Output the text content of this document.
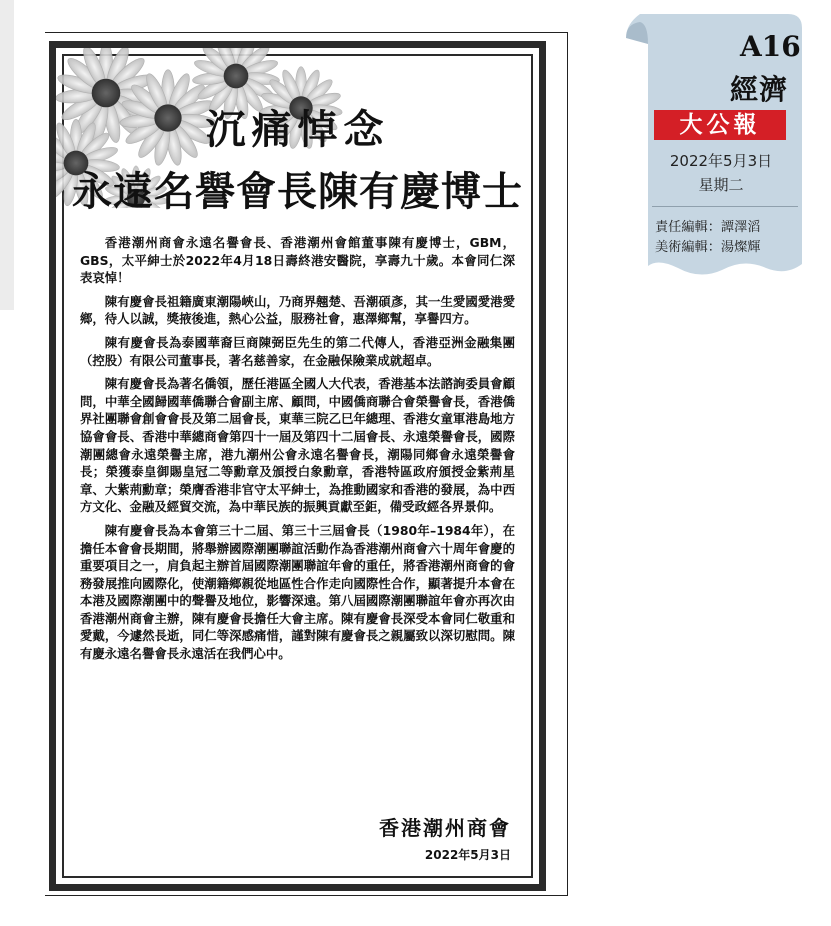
沉痛悼念
永遠名譽會長陳有慶博士

香港潮州商會永遠名譽會長、香港潮州會館董事陳有慶博士，GBM，GBS，太平紳士於2022年4月18日壽終港安醫院，享壽九十歲。本會同仁深表哀悼！

陳有慶會長祖籍廣東潮陽峽山，乃商界翹楚、吾潮碩彥，其一生愛國愛港愛鄉，待人以誠，獎掖後進，熱心公益，服務社會，惠澤鄉幫，享譽四方。

陳有慶會長為泰國華裔巨商陳弼臣先生的第二代傳人，香港亞洲金融集團（控股）有限公司董事長，著名慈善家，在金融保險業成就超卓。

陳有慶會長為著名僑領，歷任港區全國人大代表，香港基本法諮詢委員會顧問，中華全國歸國華僑聯合會副主席、顧問，中國僑商聯合會榮譽會長，香港僑界社團聯會創會會長及第二屆會長，東華三院乙巳年總理、香港女童軍港島地方協會會長、香港中華總商會第四十一屆及第四十二屆會長、永遠榮譽會長，國際潮團總會永遠榮譽主席，港九潮州公會永遠名譽會長，潮陽同鄉會永遠榮譽會長；榮獲泰皇御賜皇冠二等勳章及頒授白象勳章，香港特區政府頒授金紫荊星章、大紫荊勳章；榮膺香港非官守太平紳士，為推動國家和香港的發展，為中西方文化、金融及經貿交流，為中華民族的振興貢獻至鉅，備受政經各界景仰。

陳有慶會長為本會第三十二屆、第三十三屆會長（1980年–1984年），在擔任本會會長期間，將舉辦國際潮團聯誼活動作為香港潮州商會六十周年會慶的重要項目之一，肩負起主辦首屆國際潮團聯誼年會的重任，將香港潮州商會的會務發展推向國際化，使潮籍鄉親從地區性合作走向國際性合作，顯著提升本會在本港及國際潮團中的聲譽及地位，影響深遠。第八屆國際潮團聯誼年會亦再次由香港潮州商會主辦，陳有慶會長擔任大會主席。陳有慶會長深受本會同仁敬重和愛戴，今遽然長逝，同仁等深感痛惜，謹對陳有慶會長之親屬致以深切慰問。陳有慶永遠名譽會長永遠活在我們心中。

香港潮州商會
2022年5月3日
A16
經濟
大公報
2022年5月3日
星期二
責任編輯：譚澤滔
美術編輯：湯燦輝
